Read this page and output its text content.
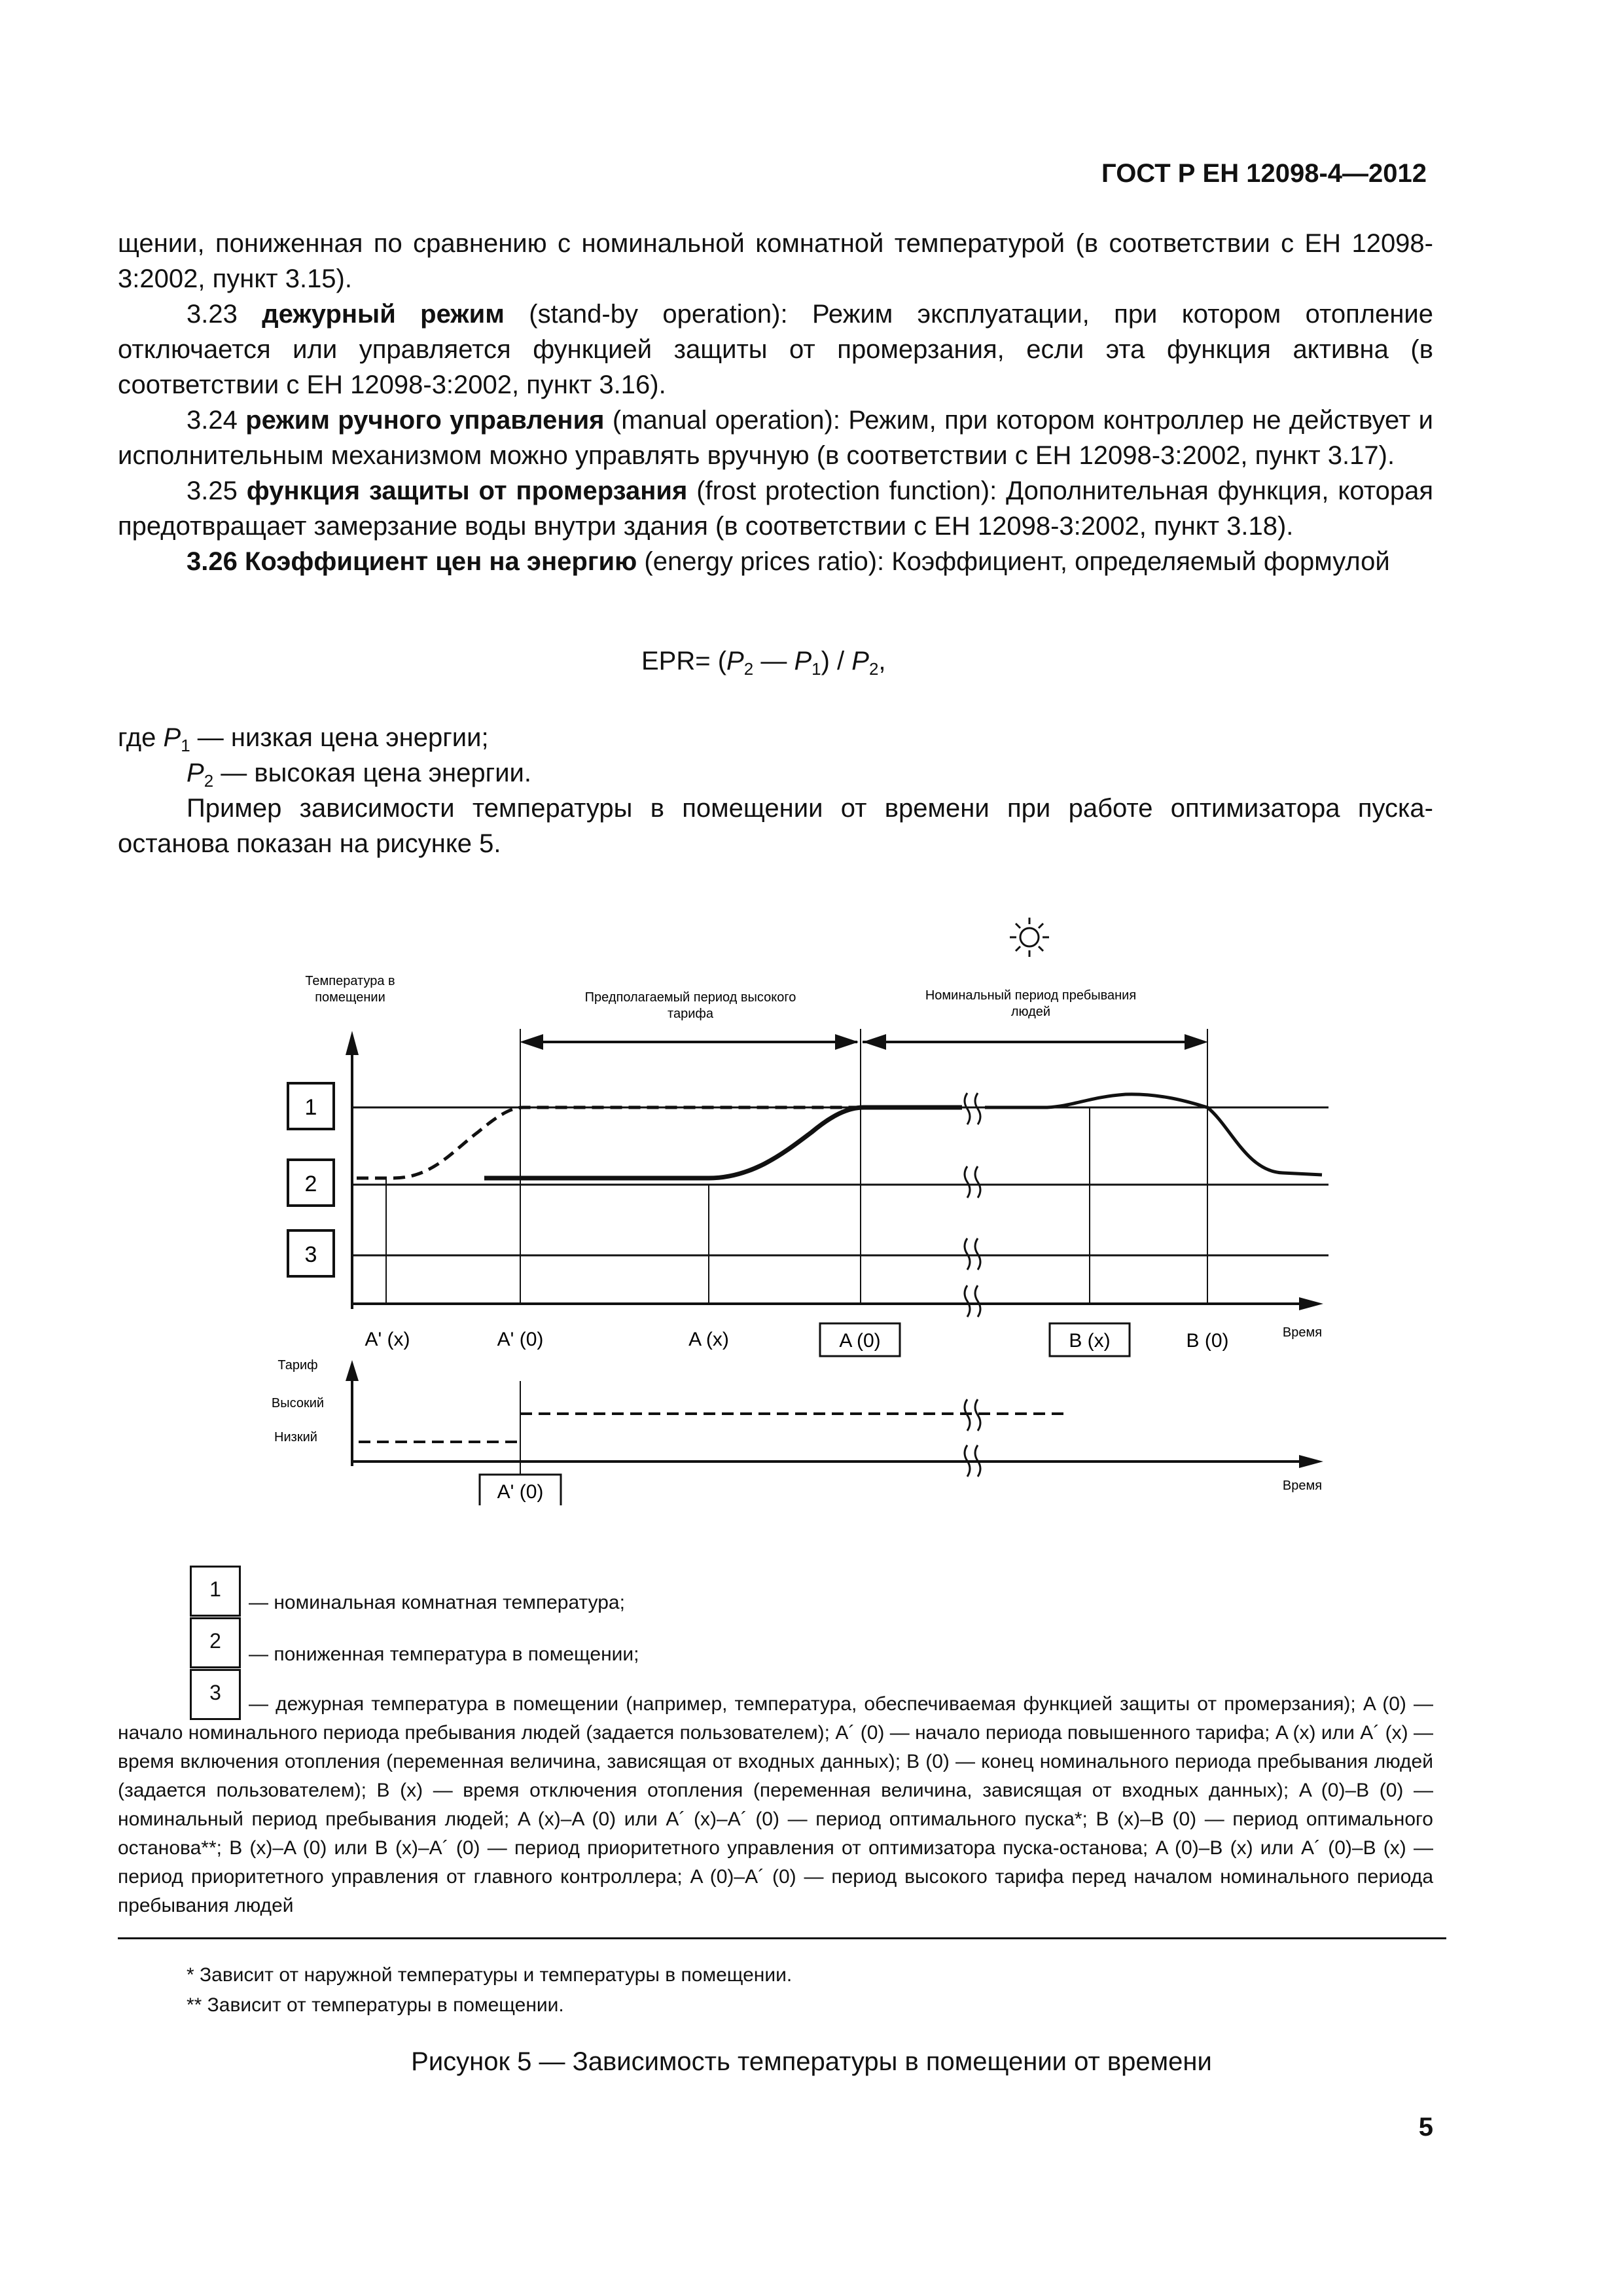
ГОСТ Р ЕН 12098-4—2012

щении, пониженная по сравнению с номинальной комнатной температурой (в соответствии с ЕН 12098-3:2002, пункт 3.15).

3.23 дежурный режим (stand-by operation): Режим эксплуатации, при котором отопление отключается или управляется функцией защиты от промерзания, если эта функция активна (в соответствии с ЕН 12098-3:2002, пункт 3.16).

3.24 режим ручного управления (manual operation): Режим, при котором контроллер не действует и исполнительным механизмом можно управлять вручную (в соответствии с ЕН 12098-3:2002, пункт 3.17).

3.25 функция защиты от промерзания (frost protection function): Дополнительная функция, которая предотвращает замерзание воды внутри здания (в соответствии с ЕН 12098-3:2002, пункт 3.18).

3.26 Коэффициент цен на энергию (energy prices ratio): Коэффициент, определяемый формулой

$EPR= (P_2$ — $P_1) / P_2$,

где $P_1$ — низкая цена энергии;

$P_2$ — высокая цена энергии.

Пример зависимости температуры в помещении от времени при работе оптимизатора пуска-останова показан на рисунке 5.

Температура в
помещении	Предполагаемый период высокого
тарифа
Номинальный период пребывания
людей
1
2
3
A' (x)	A' (0)	A (x)	A (0)	B (x)	B (0)	Время
Тариф
Высокий
Низкий
A' (0)	Время
1
— номинальная комнатная температура;
2
— пониженная температура в помещении;
3	— дежурная температура в помещении (например, температура, обеспечиваемая функцией защиты от промерзания); A (0) — начало номинального периода пребывания людей (задается пользователем); A´ (0) — начало периода повышенного тарифа; A (x) или A´ (x) — время включения отопления (переменная величина, зависящая от входных данных); B (0) — конец номинального периода пребывания людей (задается пользователем); B (x) — время отключения отопления (переменная величина, зависящая от входных данных); A (0)–B (0) — номинальный период пребывания людей; A (x)–A (0) или A´ (x)–A´ (0) — период оптимального пуска*; B (x)–B (0) — период оптимального останова**; B (x)–A (0) или B (x)–A´ (0) — период приоритетного управления от оптимизатора пуска-останова; A (0)–B (x) или A´ (0)–B (x) — период приоритетного управления от главного контроллера; A (0)–A´ (0) — период высокого тарифа перед началом номинального периода пребывания людей
* Зависит от наружной температуры и температуры в помещении.
** Зависит от температуры в помещении.
Рисунок 5 — Зависимость температуры в помещении от времени
5
